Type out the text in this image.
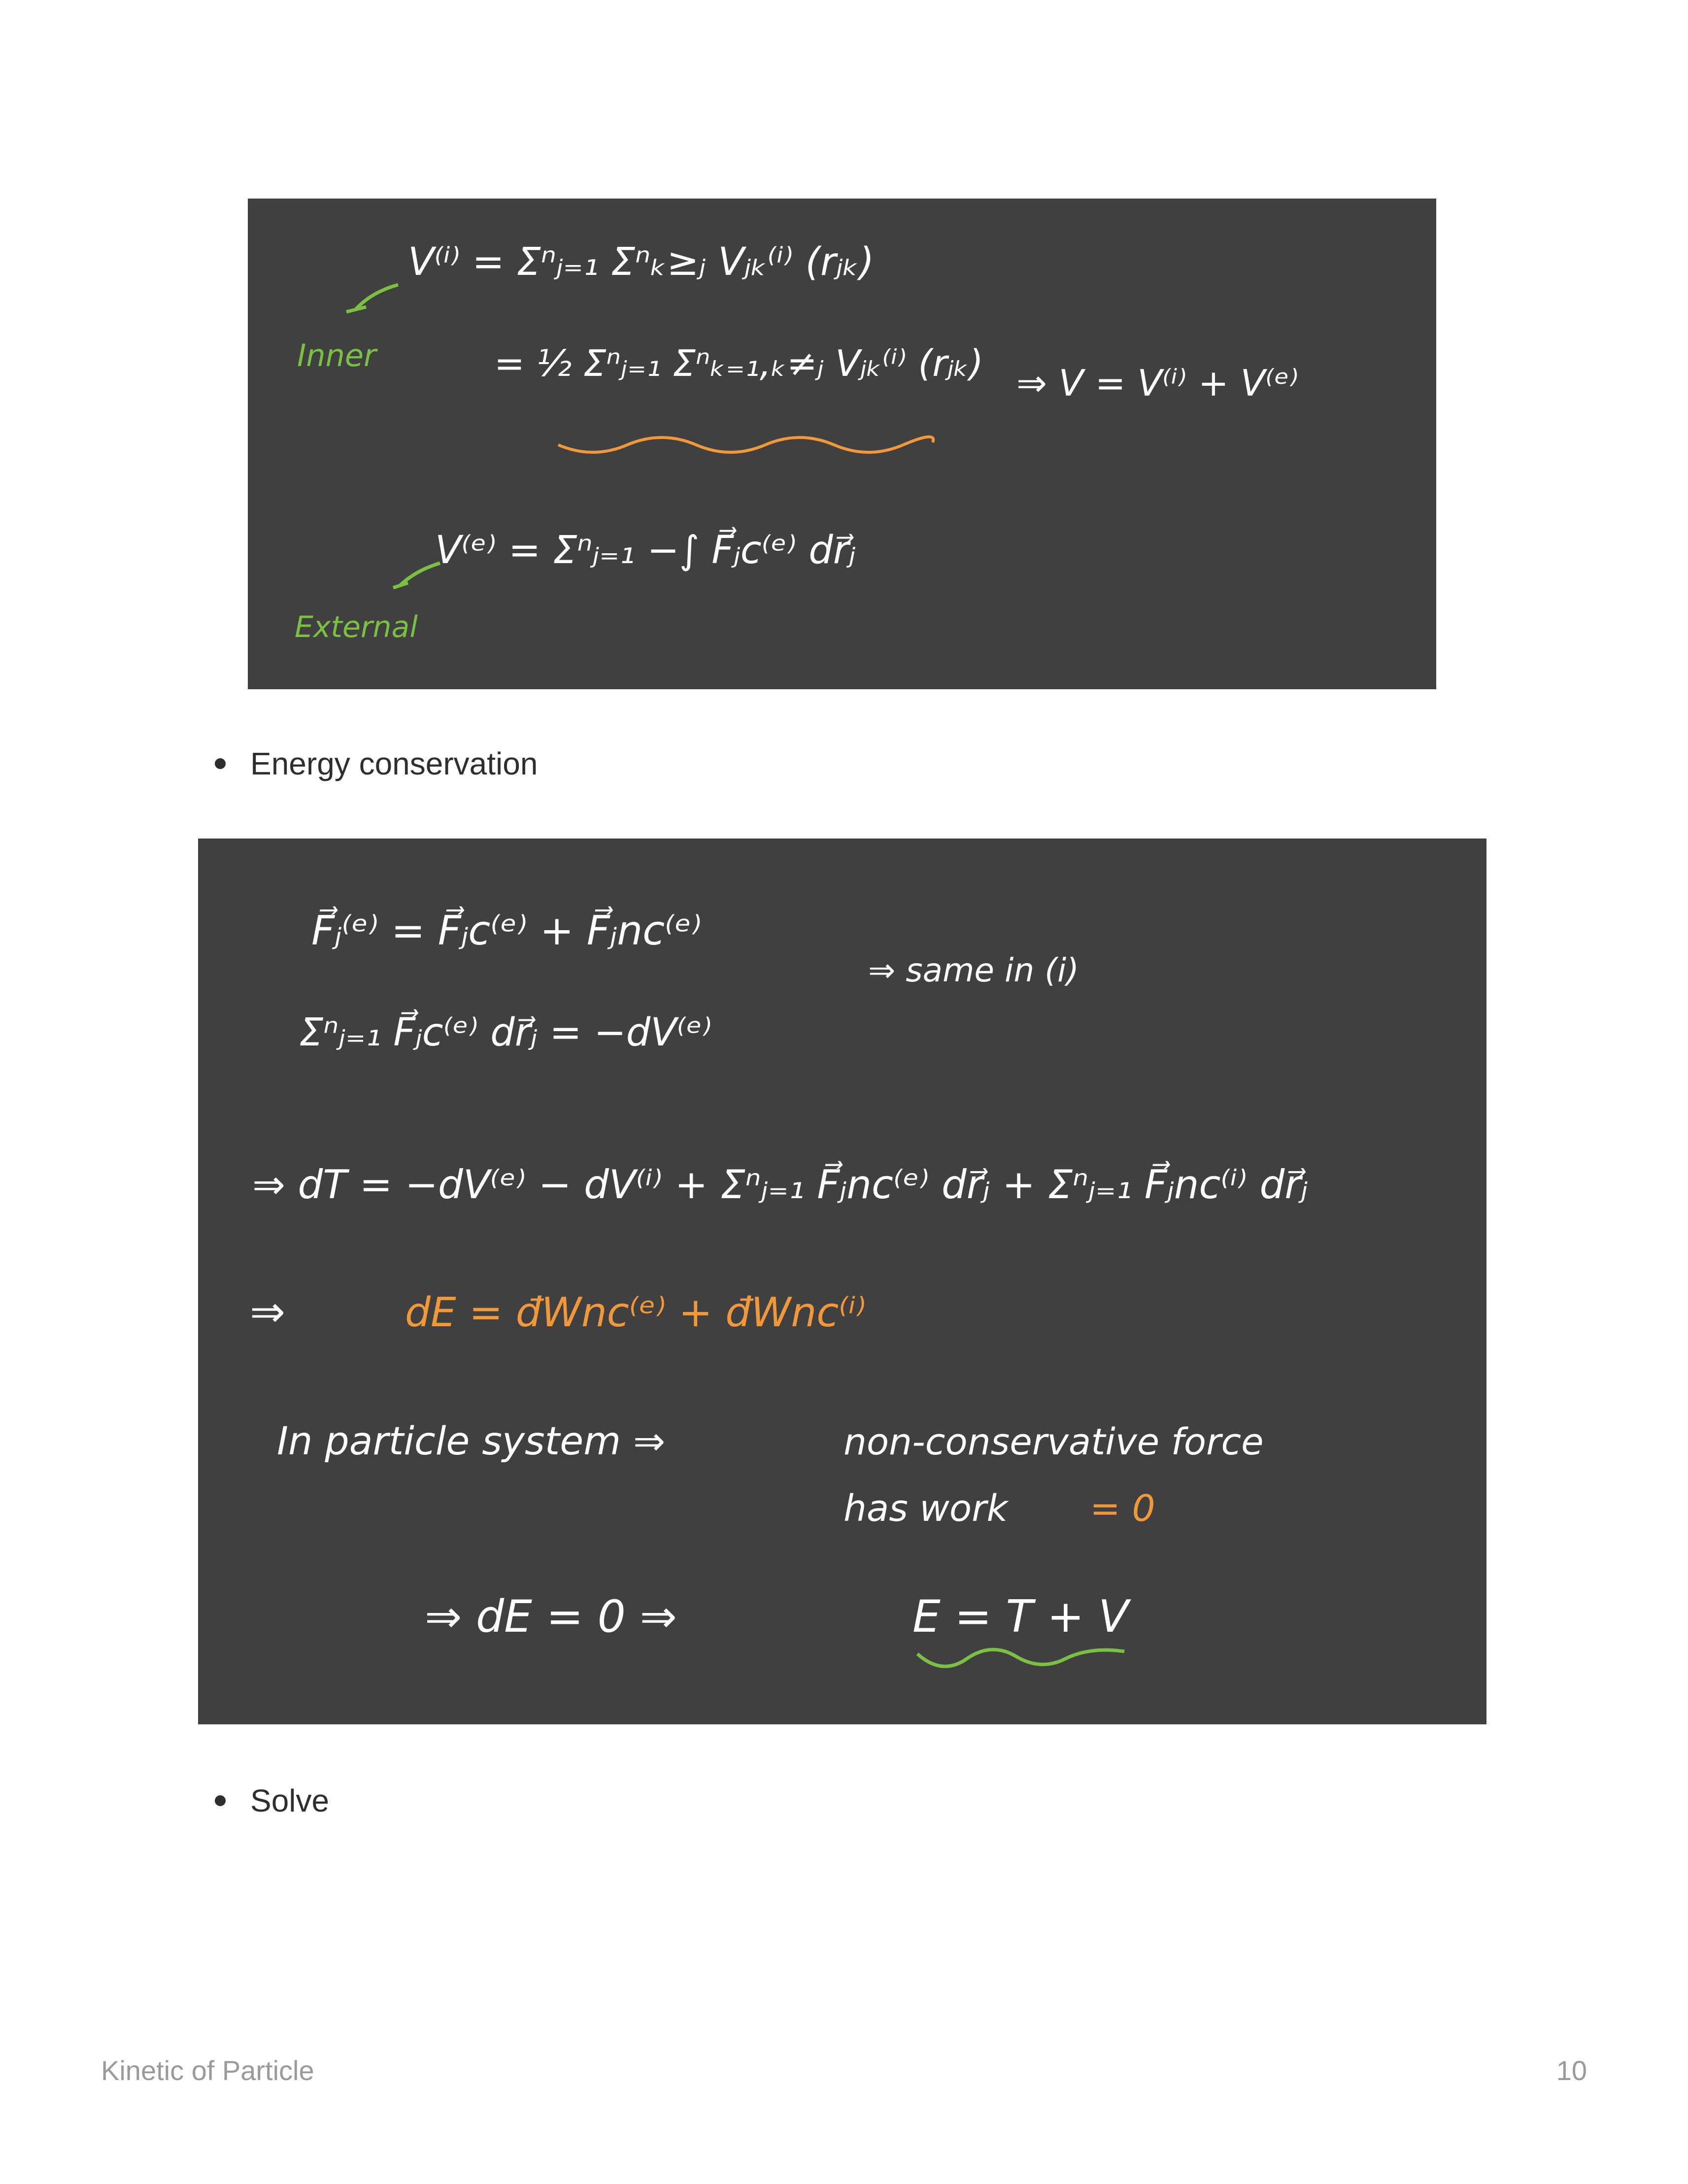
V⁽ⁱ⁾ = Σⁿⱼ₌₁ Σⁿₖ≥ⱼ Vⱼₖ⁽ⁱ⁾ (rⱼₖ)
Inner	= ½ Σⁿⱼ₌₁ Σⁿₖ₌₁,ₖ≠ⱼ Vⱼₖ⁽ⁱ⁾ (rⱼₖ) ⇒ V = V⁽ⁱ⁾ + V⁽ᵉ⁾
V⁽ᵉ⁾ = Σⁿⱼ₌₁ −∫ F⃗ⱼc⁽ᵉ⁾ dr⃗ⱼ
External
Energy conservation
F⃗ⱼ⁽ᵉ⁾ = F⃗ⱼc⁽ᵉ⁾ + F⃗ⱼnc⁽ᵉ⁾
⇒ same in (i)
Σⁿⱼ₌₁ F⃗ⱼc⁽ᵉ⁾ dr⃗ⱼ = −dV⁽ᵉ⁾
⇒ dT = −dV⁽ᵉ⁾ − dV⁽ⁱ⁾ + Σⁿⱼ₌₁ F⃗ⱼnc⁽ᵉ⁾ dr⃗ⱼ + Σⁿⱼ₌₁ F⃗ⱼnc⁽ⁱ⁾ dr⃗ⱼ
⇒	dE = đWnc⁽ᵉ⁾ + đWnc⁽ⁱ⁾
In particle system ⇒	non-conservative force
has work = 0
⇒ dE = 0 ⇒	E = T + V
Solve
Kinetic of Particle	10
